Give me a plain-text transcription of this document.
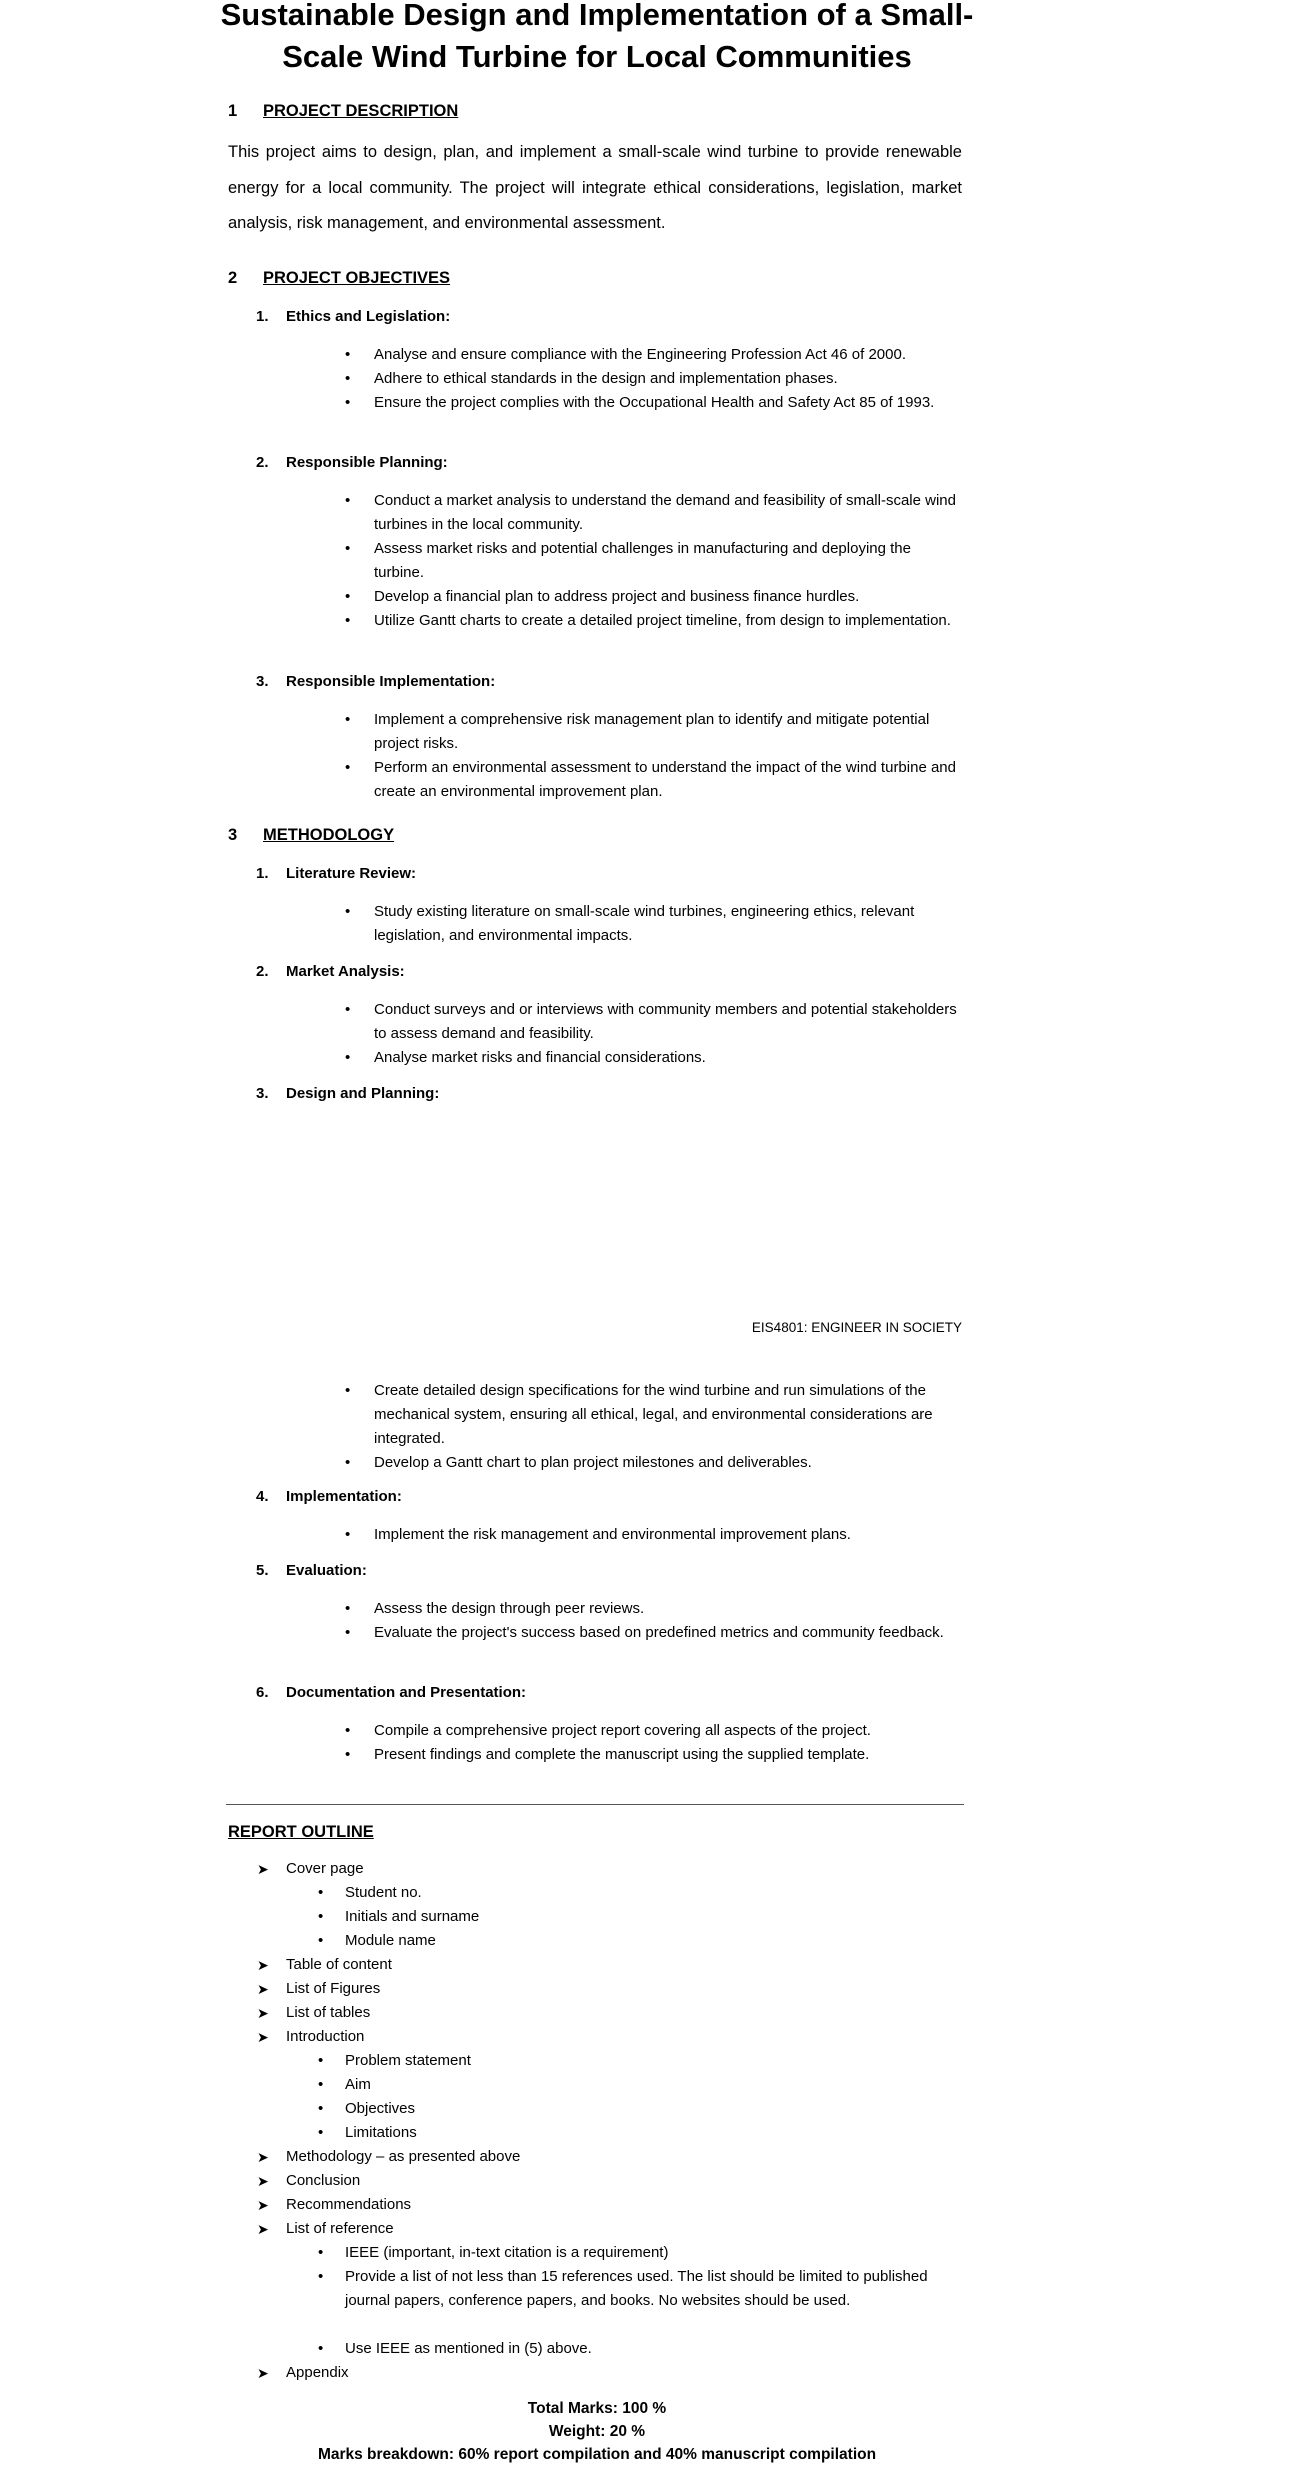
Sustainable Design and Implementation of a Small-Scale Wind Turbine for Local Communities
1 PROJECT DESCRIPTION
This project aims to design, plan, and implement a small-scale wind turbine to provide renewable energy for a local community. The project will integrate ethical considerations, legislation, market analysis, risk management, and environmental assessment.
2 PROJECT OBJECTIVES
1. Ethics and Legislation:
• Analyse and ensure compliance with the Engineering Profession Act 46 of 2000.
• Adhere to ethical standards in the design and implementation phases.
• Ensure the project complies with the Occupational Health and Safety Act 85 of 1993.
2. Responsible Planning:
• Conduct a market analysis to understand the demand and feasibility of small-scale wind turbines in the local community.
• Assess market risks and potential challenges in manufacturing and deploying the turbine.
• Develop a financial plan to address project and business finance hurdles.
• Utilize Gantt charts to create a detailed project timeline, from design to implementation.
3. Responsible Implementation:
• Implement a comprehensive risk management plan to identify and mitigate potential project risks.
• Perform an environmental assessment to understand the impact of the wind turbine and create an environmental improvement plan.
3 METHODOLOGY
1. Literature Review:
• Study existing literature on small-scale wind turbines, engineering ethics, relevant legislation, and environmental impacts.
2. Market Analysis:
• Conduct surveys and or interviews with community members and potential stakeholders to assess demand and feasibility.
• Analyse market risks and financial considerations.
3. Design and Planning:
EIS4801: ENGINEER IN SOCIETY
• Create detailed design specifications for the wind turbine and run simulations of the mechanical system, ensuring all ethical, legal, and environmental considerations are integrated.
• Develop a Gantt chart to plan project milestones and deliverables.
4. Implementation:
• Implement the risk management and environmental improvement plans.
5. Evaluation:
• Assess the design through peer reviews.
• Evaluate the project's success based on predefined metrics and community feedback.
6. Documentation and Presentation:
• Compile a comprehensive project report covering all aspects of the project.
• Present findings and complete the manuscript using the supplied template.
REPORT OUTLINE
➤ Cover page
• Student no.
• Initials and surname
• Module name
➤ Table of content
➤ List of Figures
➤ List of tables
➤ Introduction
• Problem statement
• Aim
• Objectives
• Limitations
➤ Methodology – as presented above
➤ Conclusion
➤ Recommendations
➤ List of reference
• IEEE (important, in-text citation is a requirement)
• Provide a list of not less than 15 references used. The list should be limited to published journal papers, conference papers, and books. No websites should be used.
• Use IEEE as mentioned in (5) above.
➤ Appendix
Total Marks: 100 %
Weight: 20 %
Marks breakdown: 60% report compilation and 40% manuscript compilation
